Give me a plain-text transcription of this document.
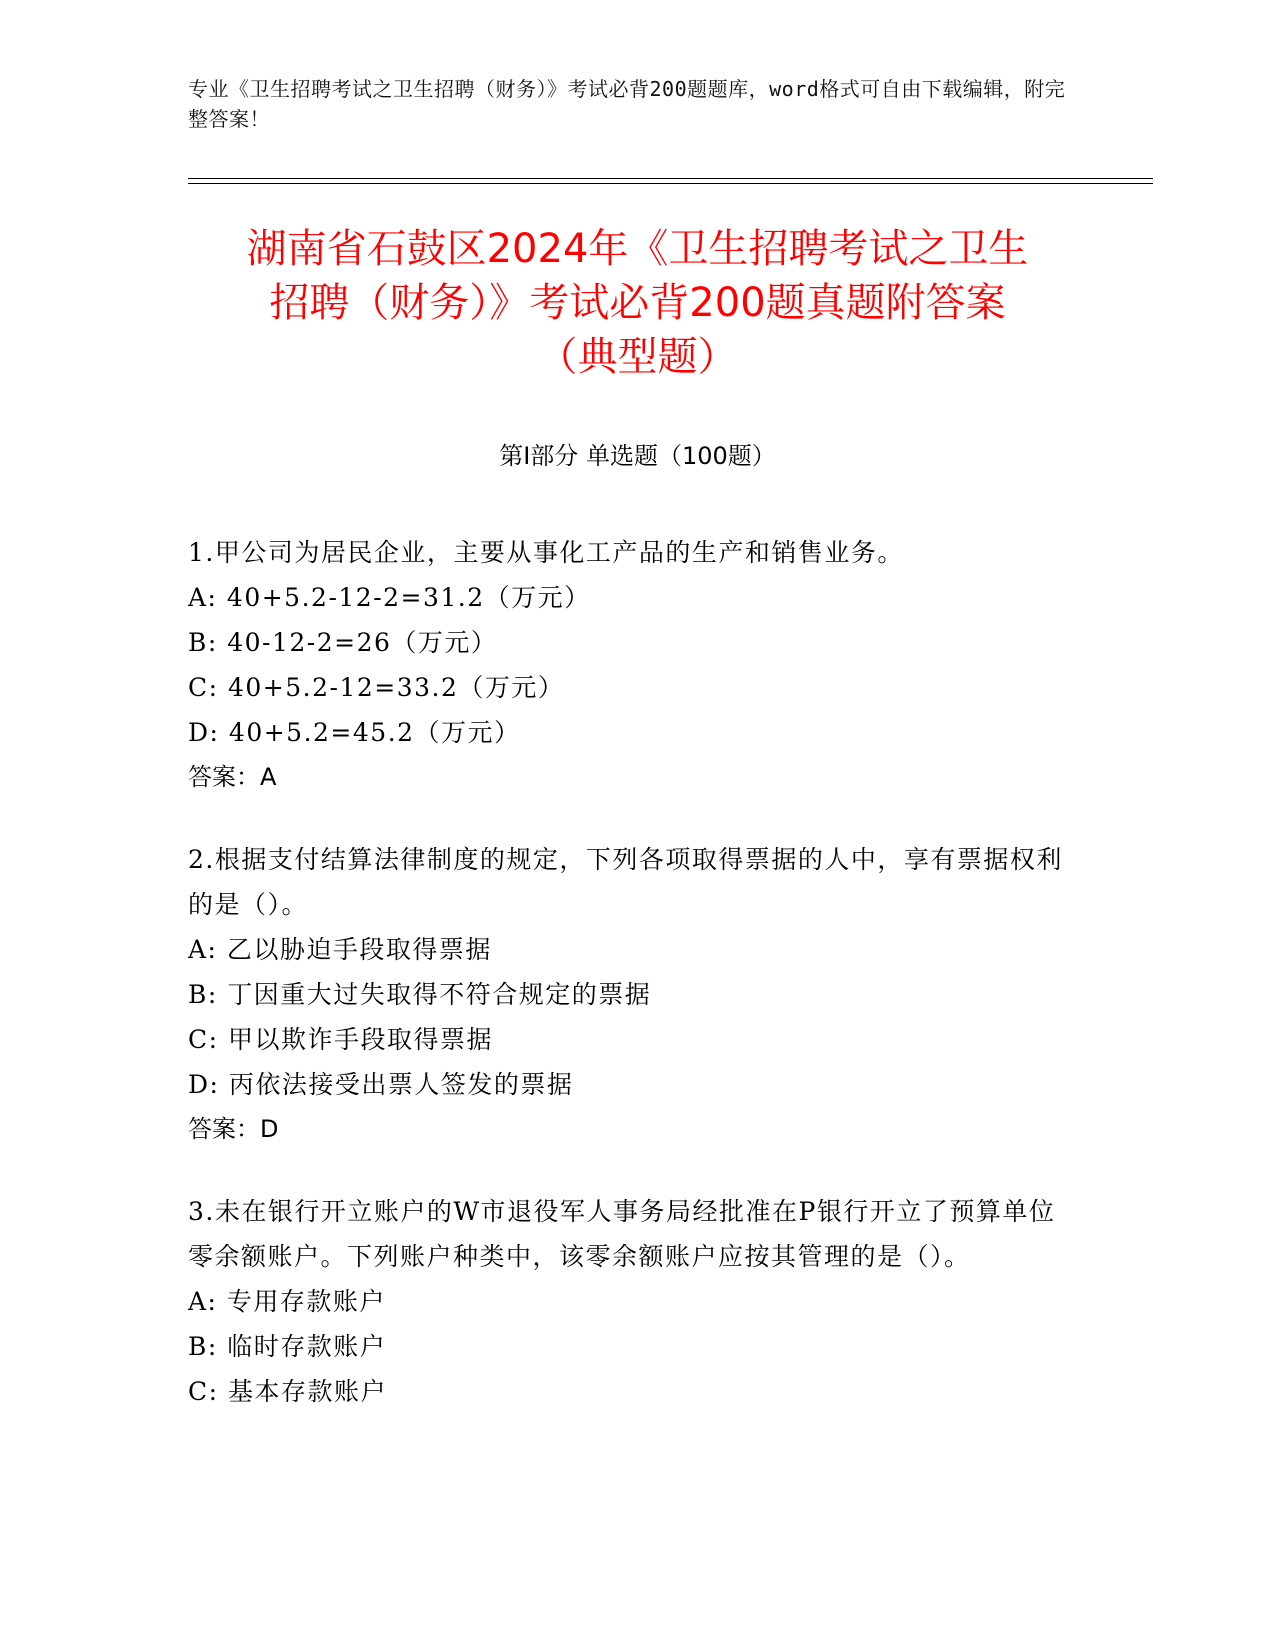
专业《卫生招聘考试之卫生招聘（财务）》考试必背200题题库，word格式可自由下载编辑，附完整答案！
湖南省石鼓区2024年《卫生招聘考试之卫生
招聘（财务）》考试必背200题真题附答案
（典型题）
第Ⅰ部分 单选题（100题）
1.甲公司为居民企业，主要从事化工产品的生产和销售业务。
A: 40+5.2-12-2=31.2（万元）
B: 40-12-2=26（万元）
C: 40+5.2-12=33.2（万元）
D: 40+5.2=45.2（万元）
答案：A
2.根据支付结算法律制度的规定，下列各项取得票据的人中，享有票据权利的是（）。
A: 乙以胁迫手段取得票据
B: 丁因重大过失取得不符合规定的票据
C: 甲以欺诈手段取得票据
D: 丙依法接受出票人签发的票据
答案：D
3.未在银行开立账户的W市退役军人事务局经批准在P银行开立了预算单位零余额账户。下列账户种类中，该零余额账户应按其管理的是（）。
A: 专用存款账户
B: 临时存款账户
C: 基本存款账户
